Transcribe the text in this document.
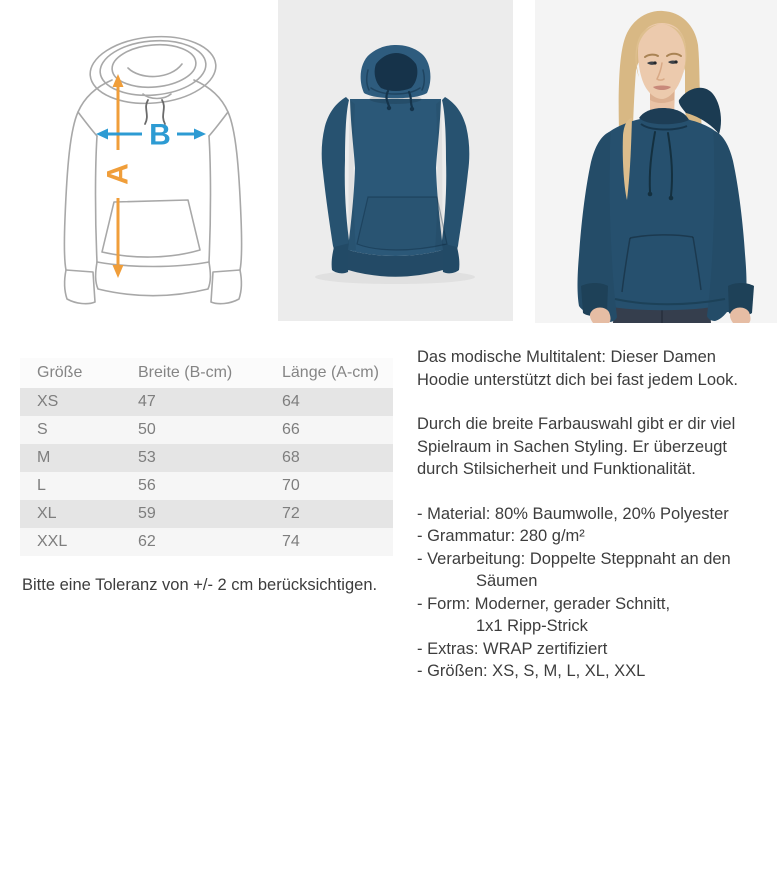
A
B
Größe	Breite (B-cm)	Länge (A-cm)
XS	47	64
S	50	66
M	53	68
L	56	70
XL	59	72
XXL	62	74
Bitte eine Toleranz von +/- 2 cm berücksichtigen.
Das modische Multitalent: Dieser Damen
Hoodie unterstützt dich bei fast jedem Look.
Durch die breite Farbauswahl gibt er dir viel
Spielraum in Sachen Styling. Er überzeugt
durch Stilsicherheit und Funktionalität.
- Material: 80% Baumwolle, 20% Polyester
- Grammatur: 280 g/m²
- Verarbeitung: Doppelte Steppnaht an den
Säumen
- Form: Moderner, gerader Schnitt,
1x1 Ripp-Strick
- Extras: WRAP zertifiziert
- Größen: XS, S, M, L, XL, XXL
